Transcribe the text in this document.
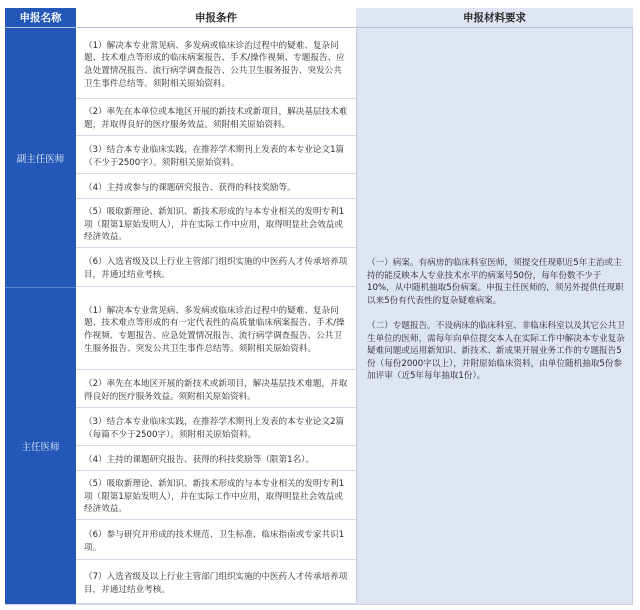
申报名称	申报条件	申报材料要求
副主任医师
主任医师
（1）解决本专业常见病、多发病或临床诊治过程中的疑难、复杂问题、技术难点等形成的临床病案报告、手术/操作视频、专题报告、应急处置情况报告、流行病学调查报告、公共卫生服务报告、突发公共卫生事件总结等。须附相关原始资料。
（2）率先在本单位或本地区开展的新技术或新项目，解决基层技术难题，并取得良好的医疗服务效益。须附相关原始资料。
（3）结合本专业临床实践，在推荐学术期刊上发表的本专业论文1篇（不少于2500字）。须附相关原始资料。
（4）主持或参与的课题研究报告、获得的科技奖励等。
（5）吸取新理论、新知识、新技术形成的与本专业相关的发明专利1项（限第1原始发明人），并在实际工作中应用，取得明显社会效益或经济效益。
（6）入选省级及以上行业主管部门组织实施的中医药人才传承培养项目，并通过结业考核。
（1）解决本专业常见病、多发病或临床诊治过程中的疑难、复杂问题、技术难点等形成的有一定代表性的高质量临床病案报告、手术/操作视频、专题报告、应急处置情况报告、流行病学调查报告、公共卫生服务报告、突发公共卫生事件总结等。须附相关原始资料。
（2）率先在本地区开展的新技术或新项目，解决基层技术难题，并取得良好的医疗服务效益。须附相关原始资料。
（3）结合本专业临床实践，在推荐学术期刊上发表的本专业论文2篇（每篇不少于2500字）。须附相关原始资料。
（4）主持的课题研究报告、获得的科技奖励等（限第1名）。
（5）吸取新理论、新知识、新技术形成的与本专业相关的发明专利1项（限第1原始发明人），并在实际工作中应用，取得明显社会效益或经济效益。
（6）参与研究并形成的技术规范、卫生标准、临床指南或专家共识1项。
（7）入选省级及以上行业主管部门组织实施的中医药人才传承培养项目，并通过结业考核。

（一）病案。有病房的临床科室医师，须提交任现职近5年主治或主持的能反映本人专业技术水平的病案号50份，每年份数不少于10%，从中随机抽取5份病案。申报主任医师的，须另外提供任现职以来5份有代表性的复杂疑难病案。

（二）专题报告。不设病床的临床科室、非临床科室以及其它公共卫生单位的医师，需每年向单位提交本人在实际工作中解决本专业复杂疑难问题或运用新知识、新技术、新成果开展业务工作的专题报告5份（每份2000字以上），并附原始临床资料，由单位随机抽取5份参加评审（近5年每年抽取1份）。
